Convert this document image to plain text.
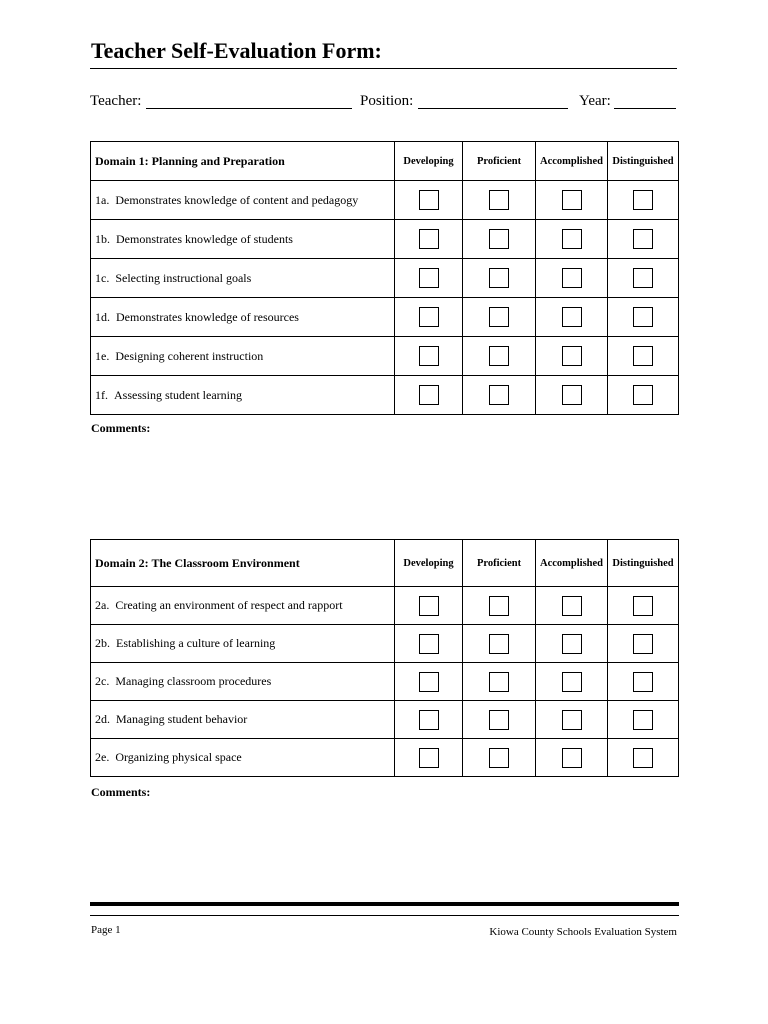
Teacher Self-Evaluation Form:
Teacher:	Position:	Year:
Domain 1: Planning and Preparation	Developing	Proficient	Accomplished	Distinguished
1a. Demonstrates knowledge of content and pedagogy				
1b. Demonstrates knowledge of students				
1c. Selecting instructional goals				
1d. Demonstrates knowledge of resources				
1e. Designing coherent instruction				
1f. Assessing student learning				
Comments:
Domain 2: The Classroom Environment	Developing	Proficient	Accomplished	Distinguished
2a. Creating an environment of respect and rapport				
2b. Establishing a culture of learning				
2c. Managing classroom procedures				
2d. Managing student behavior				
2e. Organizing physical space				
Comments:
Page 1	Kiowa County Schools Evaluation System
